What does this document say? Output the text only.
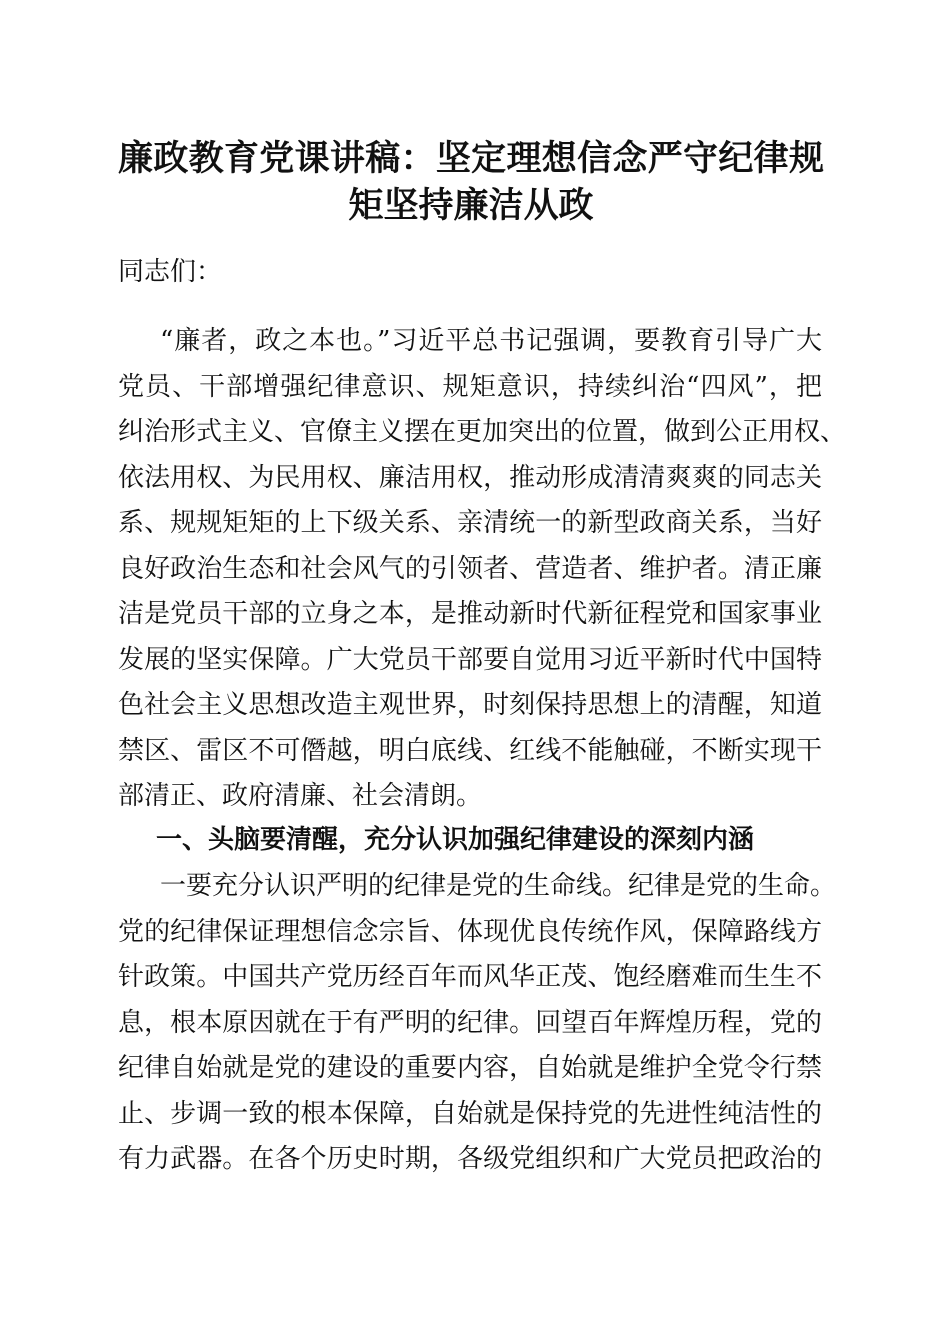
廉政教育党课讲稿：坚定理想信念严守纪律规
矩坚持廉洁从政
同志们：
“廉者，政之本也。”习近平总书记强调，要教育引导广大
党员、干部增强纪律意识、规矩意识，持续纠治“四风”，把
纠治形式主义、官僚主义摆在更加突出的位置，做到公正用权、
依法用权、为民用权、廉洁用权，推动形成清清爽爽的同志关
系、规规矩矩的上下级关系、亲清统一的新型政商关系，当好
良好政治生态和社会风气的引领者、营造者、维护者。清正廉
洁是党员干部的立身之本，是推动新时代新征程党和国家事业
发展的坚实保障。广大党员干部要自觉用习近平新时代中国特
色社会主义思想改造主观世界，时刻保持思想上的清醒，知道
禁区、雷区不可僭越，明白底线、红线不能触碰，不断实现干
部清正、政府清廉、社会清朗。
一、头脑要清醒，充分认识加强纪律建设的深刻内涵
一要充分认识严明的纪律是党的生命线。纪律是党的生命。
党的纪律保证理想信念宗旨、体现优良传统作风，保障路线方
针政策。中国共产党历经百年而风华正茂、饱经磨难而生生不
息，根本原因就在于有严明的纪律。回望百年辉煌历程，党的
纪律自始就是党的建设的重要内容，自始就是维护全党令行禁
止、步调一致的根本保障，自始就是保持党的先进性纯洁性的
有力武器。在各个历史时期，各级党组织和广大党员把政治的
